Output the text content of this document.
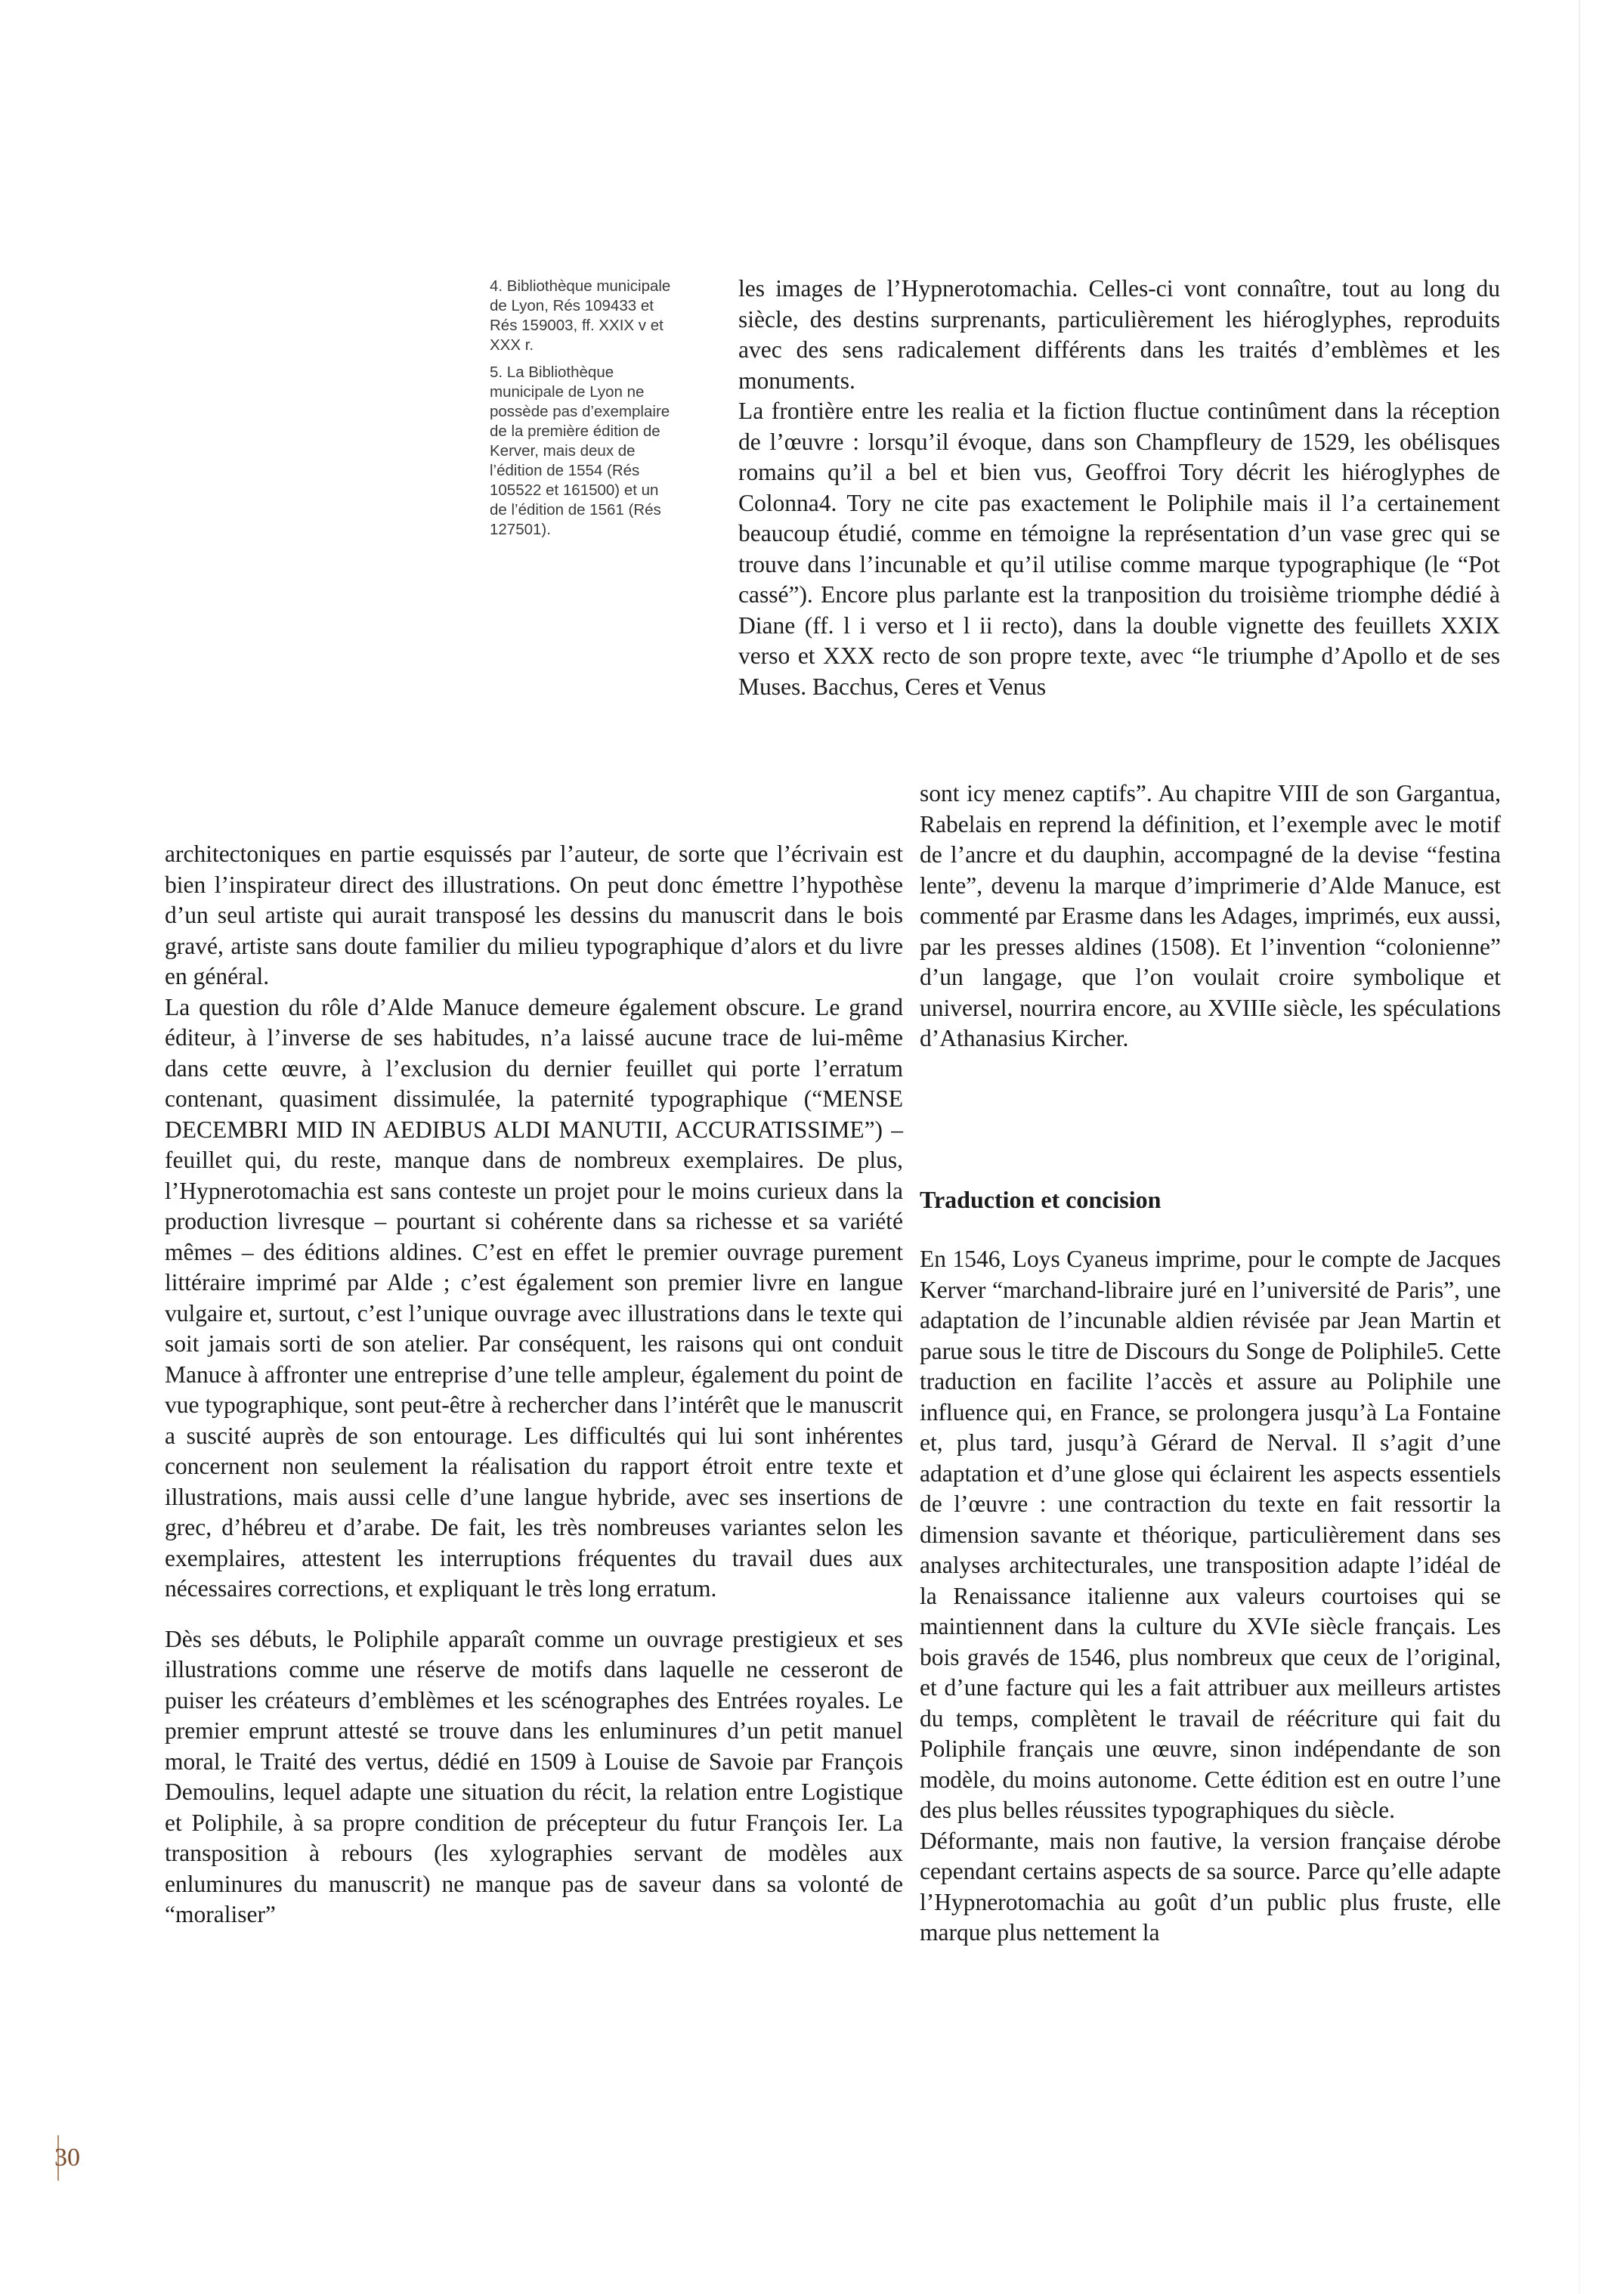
4. Bibliothèque municipale de Lyon, Rés 109433 et Rés 159003, ff. XXIX v et XXX r.

5. La Bibliothèque municipale de Lyon ne possède pas d’exemplaire de la première édition de Kerver, mais deux de l’édition de 1554 (Rés 105522 et 161500) et un de l’édition de 1561 (Rés 127501).

les images de l’Hypnerotomachia. Celles-ci vont connaître, tout au long du siècle, des destins surprenants, particulièrement les hiéroglyphes, reproduits avec des sens radicalement différents dans les traités d’emblèmes et les monuments.

La frontière entre les realia et la fiction fluctue continûment dans la réception de l’œuvre : lorsqu’il évoque, dans son Champfleury de 1529, les obélisques romains qu’il a bel et bien vus, Geoffroi Tory décrit les hiéroglyphes de Colonna4. Tory ne cite pas exactement le Poliphile mais il l’a certainement beaucoup étudié, comme en témoigne la représentation d’un vase grec qui se trouve dans l’incunable et qu’il utilise comme marque typographique (le “Pot cassé”). Encore plus parlante est la tranposition du troisième triomphe dédié à Diane (ff. l i verso et l ii recto), dans la double vignette des feuillets XXIX verso et XXX recto de son propre texte, avec “le triumphe d’Apollo et de ses Muses. Bacchus, Ceres et Venus

sont icy menez captifs”. Au chapitre VIII de son Gargantua, Rabelais en reprend la définition, et l’exemple avec le motif de l’ancre et du dauphin, accompagné de la devise “festina lente”, devenu la marque d’imprimerie d’Alde Manuce, est commenté par Erasme dans les Adages, imprimés, eux aussi, par les presses aldines (1508). Et l’invention “colonienne” d’un langage, que l’on voulait croire symbolique et universel, nourrira encore, au XVIIIe siècle, les spéculations d’Athanasius Kircher.

Traduction et concision

En 1546, Loys Cyaneus imprime, pour le compte de Jacques Kerver “marchand-libraire juré en l’université de Paris”, une adaptation de l’incunable aldien révisée par Jean Martin et parue sous le titre de Discours du Songe de Poliphile5. Cette traduction en facilite l’accès et assure au Poliphile une influence qui, en France, se prolongera jusqu’à La Fontaine et, plus tard, jusqu’à Gérard de Nerval. Il s’agit d’une adaptation et d’une glose qui éclairent les aspects essentiels de l’œuvre : une contraction du texte en fait ressortir la dimension savante et théorique, particulièrement dans ses analyses architecturales, une transposition adapte l’idéal de la Renaissance italienne aux valeurs courtoises qui se maintiennent dans la culture du XVIe siècle français. Les bois gravés de 1546, plus nombreux que ceux de l’original, et d’une facture qui les a fait attribuer aux meilleurs artistes du temps, complètent le travail de réécriture qui fait du Poliphile français une œuvre, sinon indépendante de son modèle, du moins autonome. Cette édition est en outre l’une des plus belles réussites typographiques du siècle.

Déformante, mais non fautive, la version française dérobe cependant certains aspects de sa source. Parce qu’elle adapte l’Hypnerotomachia au goût d’un public plus fruste, elle marque plus nettement la

architectoniques en partie esquissés par l’auteur, de sorte que l’écrivain est bien l’inspirateur direct des illustrations. On peut donc émettre l’hypothèse d’un seul artiste qui aurait transposé les dessins du manuscrit dans le bois gravé, artiste sans doute familier du milieu typographique d’alors et du livre en général.

La question du rôle d’Alde Manuce demeure également obscure. Le grand éditeur, à l’inverse de ses habitudes, n’a laissé aucune trace de lui-même dans cette œuvre, à l’exclusion du dernier feuillet qui porte l’erratum contenant, quasiment dissimulée, la paternité typographique (“MENSE DECEMBRI MID IN AEDIBUS ALDI MANUTII, ACCURATISSIME”) – feuillet qui, du reste, manque dans de nombreux exemplaires. De plus, l’Hypnerotomachia est sans conteste un projet pour le moins curieux dans la production livresque – pourtant si cohérente dans sa richesse et sa variété mêmes – des éditions aldines. C’est en effet le premier ouvrage purement littéraire imprimé par Alde ; c’est également son premier livre en langue vulgaire et, surtout, c’est l’unique ouvrage avec illustrations dans le texte qui soit jamais sorti de son atelier. Par conséquent, les raisons qui ont conduit Manuce à affronter une entreprise d’une telle ampleur, également du point de vue typographique, sont peut-être à rechercher dans l’intérêt que le manuscrit a suscité auprès de son entourage. Les difficultés qui lui sont inhérentes concernent non seulement la réalisation du rapport étroit entre texte et illustrations, mais aussi celle d’une langue hybride, avec ses insertions de grec, d’hébreu et d’arabe. De fait, les très nombreuses variantes selon les exemplaires, attestent les interruptions fréquentes du travail dues aux nécessaires corrections, et expliquant le très long erratum.

Dès ses débuts, le Poliphile apparaît comme un ouvrage prestigieux et ses illustrations comme une réserve de motifs dans laquelle ne cesseront de puiser les créateurs d’emblèmes et les scénographes des Entrées royales. Le premier emprunt attesté se trouve dans les enluminures d’un petit manuel moral, le Traité des vertus, dédié en 1509 à Louise de Savoie par François Demoulins, lequel adapte une situation du récit, la relation entre Logistique et Poliphile, à sa propre condition de précepteur du futur François Ier. La transposition à rebours (les xylographies servant de modèles aux enluminures du manuscrit) ne manque pas de saveur dans sa volonté de “moraliser”

30
